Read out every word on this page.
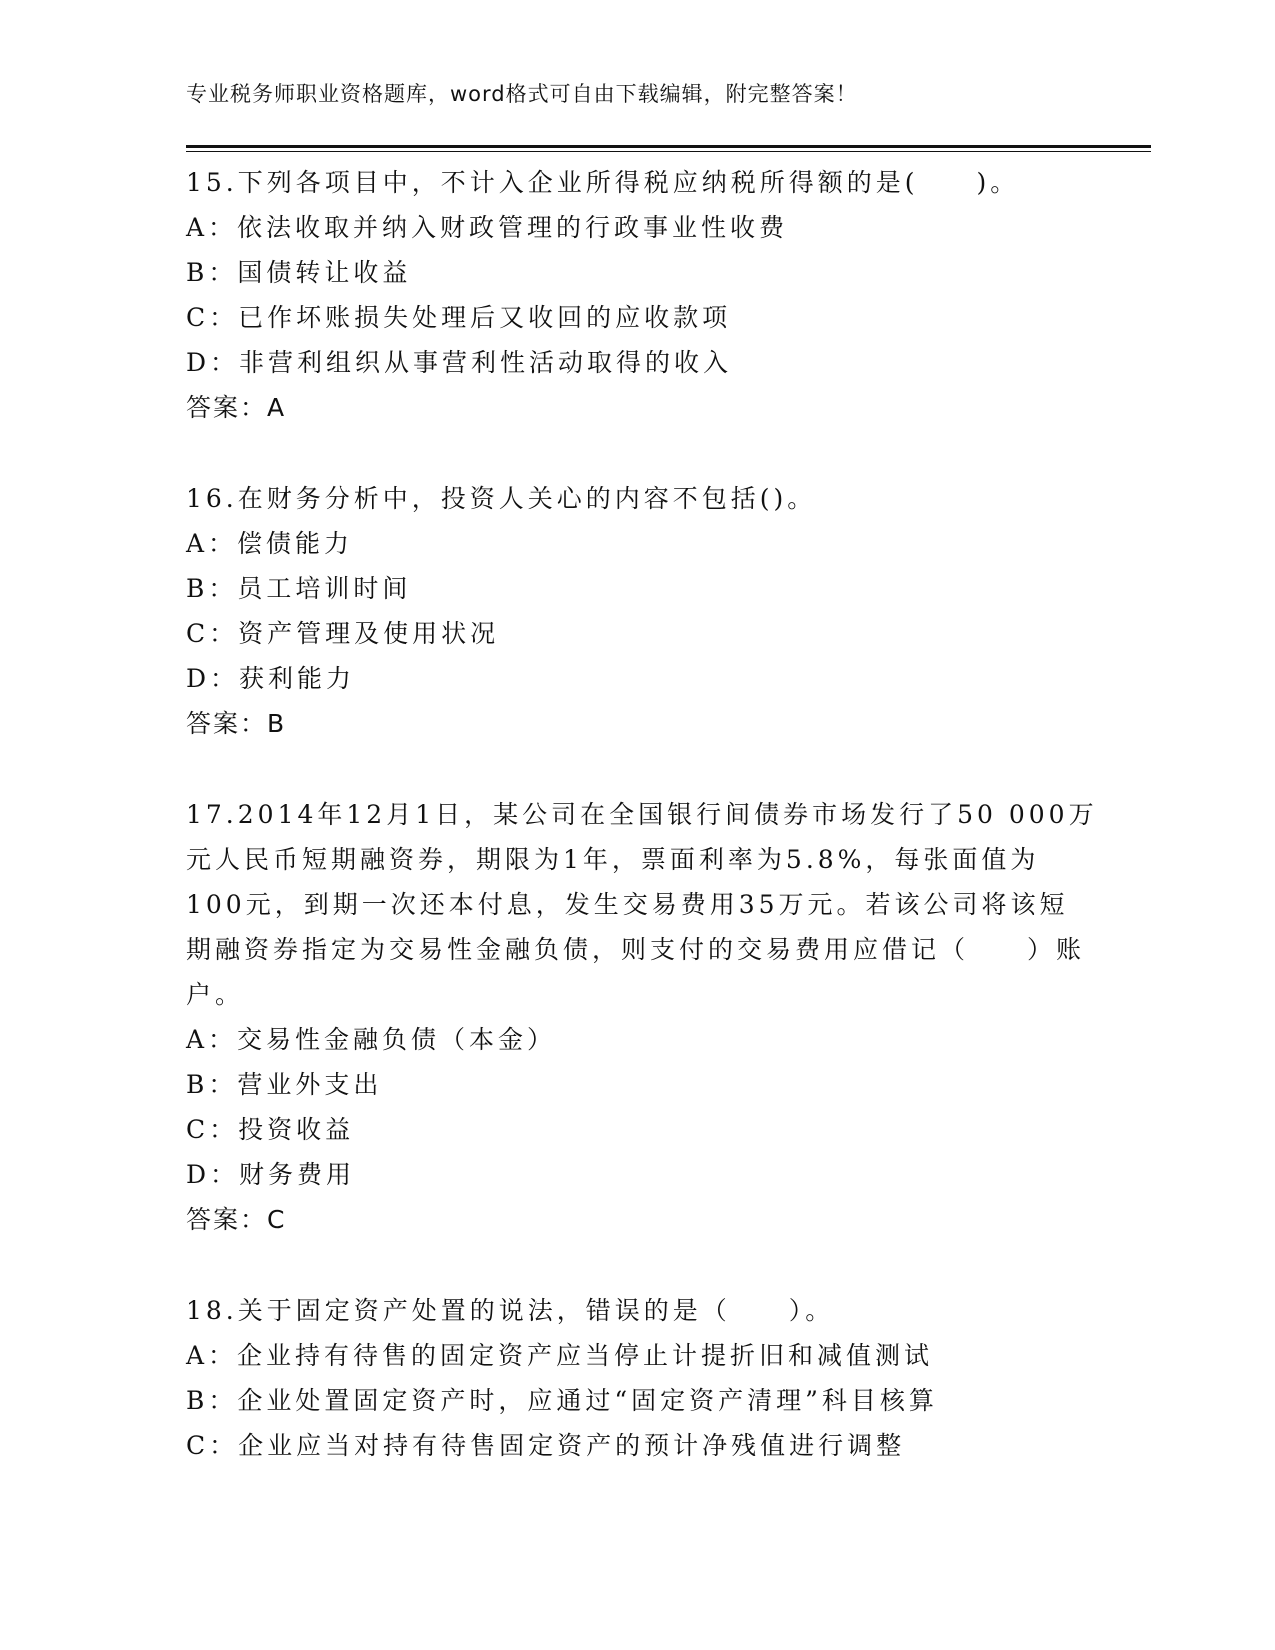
专业税务师职业资格题库，word格式可自由下载编辑，附完整答案！
15.下列各项目中，不计入企业所得税应纳税所得额的是(　　)。
A：依法收取并纳入财政管理的行政事业性收费
B：国债转让收益
C：已作坏账损失处理后又收回的应收款项
D：非营利组织从事营利性活动取得的收入
答案：A
16.在财务分析中，投资人关心的内容不包括()。
A：偿债能力
B：员工培训时间
C：资产管理及使用状况
D：获利能力
答案：B
17.2014年12月1日，某公司在全国银行间债券市场发行了50 000万
元人民币短期融资券，期限为1年，票面利率为5.8%，每张面值为
100元，到期一次还本付息，发生交易费用35万元。若该公司将该短
期融资券指定为交易性金融负债，则支付的交易费用应借记（　　）账
户。
A：交易性金融负债（本金）
B：营业外支出
C：投资收益
D：财务费用
答案：C
18.关于固定资产处置的说法，错误的是（　　）。
A：企业持有待售的固定资产应当停止计提折旧和减值测试
B：企业处置固定资产时，应通过“固定资产清理”科目核算
C：企业应当对持有待售固定资产的预计净残值进行调整
